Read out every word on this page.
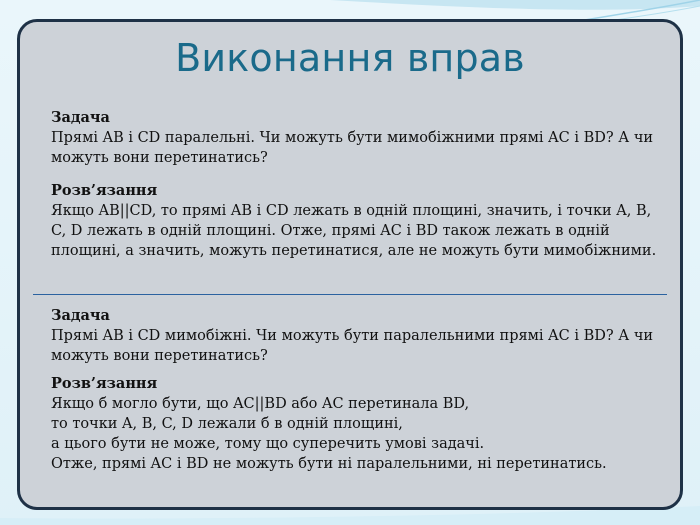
Виконання вправ
Задача
Прямі AB і CD паралельні. Чи можуть бути мимобіжними прямі AC і BD? А чи можуть вони перетинатись?
Розв’язання
Якщо AB||CD, то прямі AB і CD лежать в одній площині, значить, і точки A, B, C, D лежать в одній площині. Отже, прямі AC і BD також лежать в одній площині, а значить, можуть перетинатися, але не можуть бути мимобіжними.
Задача
Прямі AB і CD мимобіжні. Чи можуть бути паралельними прямі AC і BD? А чи можуть вони перетинатись?
Розв’язання
Якщо б могло бути, що AC||BD або AC перетинала BD,
то точки A, B, C, D лежали б в одній площині,
а цього бути не може, тому що суперечить умові задачі.
Отже, прямі AC і BD не можуть бути ні паралельними, ні перетинатись.
